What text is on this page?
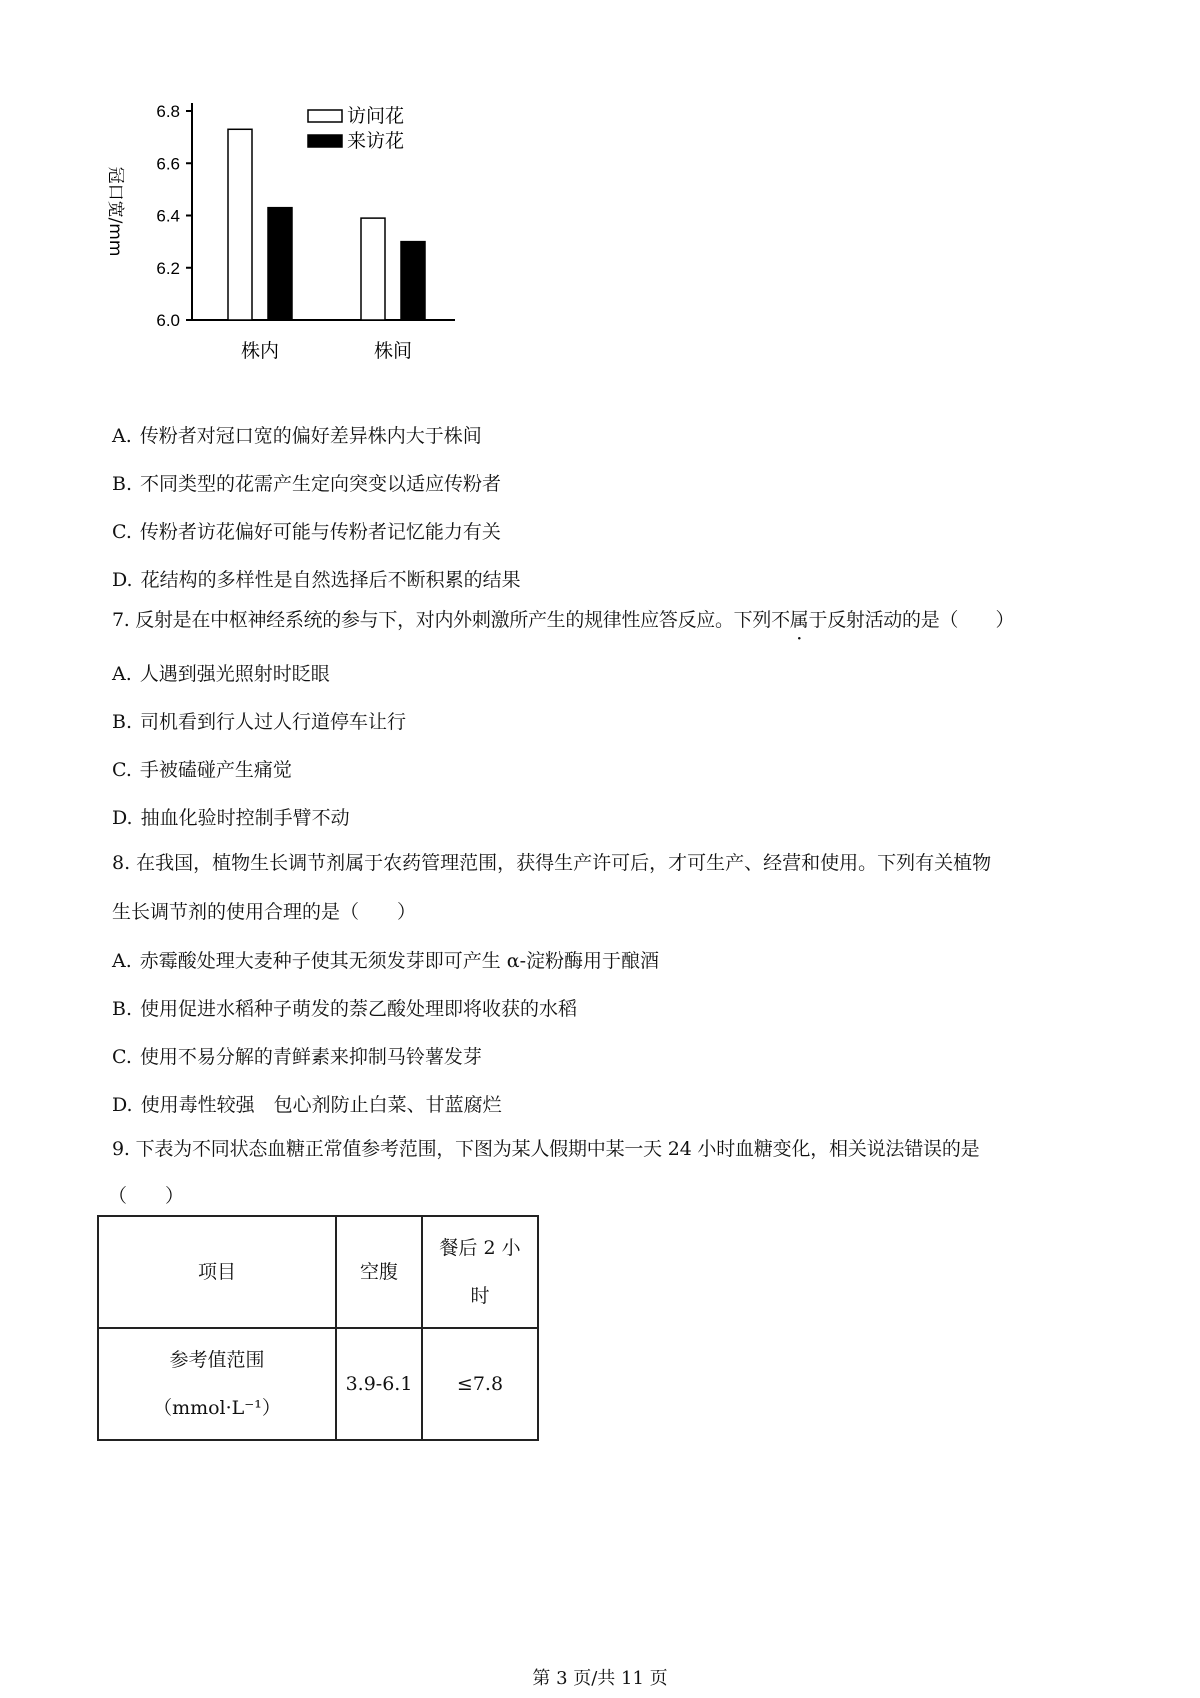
6.0
6.2
6.4
6.6
6.8
冠口宽/mm
株内	株间
访问花
来访花
A. 传粉者对冠口宽的偏好差异株内大于株间
B. 不同类型的花需产生定向突变以适应传粉者
C. 传粉者访花偏好可能与传粉者记忆能力有关
D. 花结构的多样性是自然选择后不断积累的结果
7. 反射是在中枢神经系统的参与下，对内外刺激所产生的规律性应答反应。下列不属于反射活动的是（　　）
A. 人遇到强光照射时眨眼
B. 司机看到行人过人行道停车让行
C. 手被磕碰产生痛觉
D. 抽血化验时控制手臂不动
8. 在我国，植物生长调节剂属于农药管理范围，获得生产许可后，才可生产、经营和使用。下列有关植物
生长调节剂的使用合理的是（　　）
A. 赤霉酸处理大麦种子使其无须发芽即可产生 α-淀粉酶用于酿酒
B. 使用促进水稻种子萌发的萘乙酸处理即将收获的水稻
C. 使用不易分解的青鲜素来抑制马铃薯发芽
D. 使用毒性较强　包心剂防止白菜、甘蓝腐烂
9. 下表为不同状态血糖正常值参考范围，下图为某人假期中某一天 24 小时血糖变化，相关说法错误的是
（　　）
项目	空腹	餐后 2 小
时

参考值范围
（mmol·L⁻¹）	3.9-6.1	≤7.8
第 3 页/共 11 页
